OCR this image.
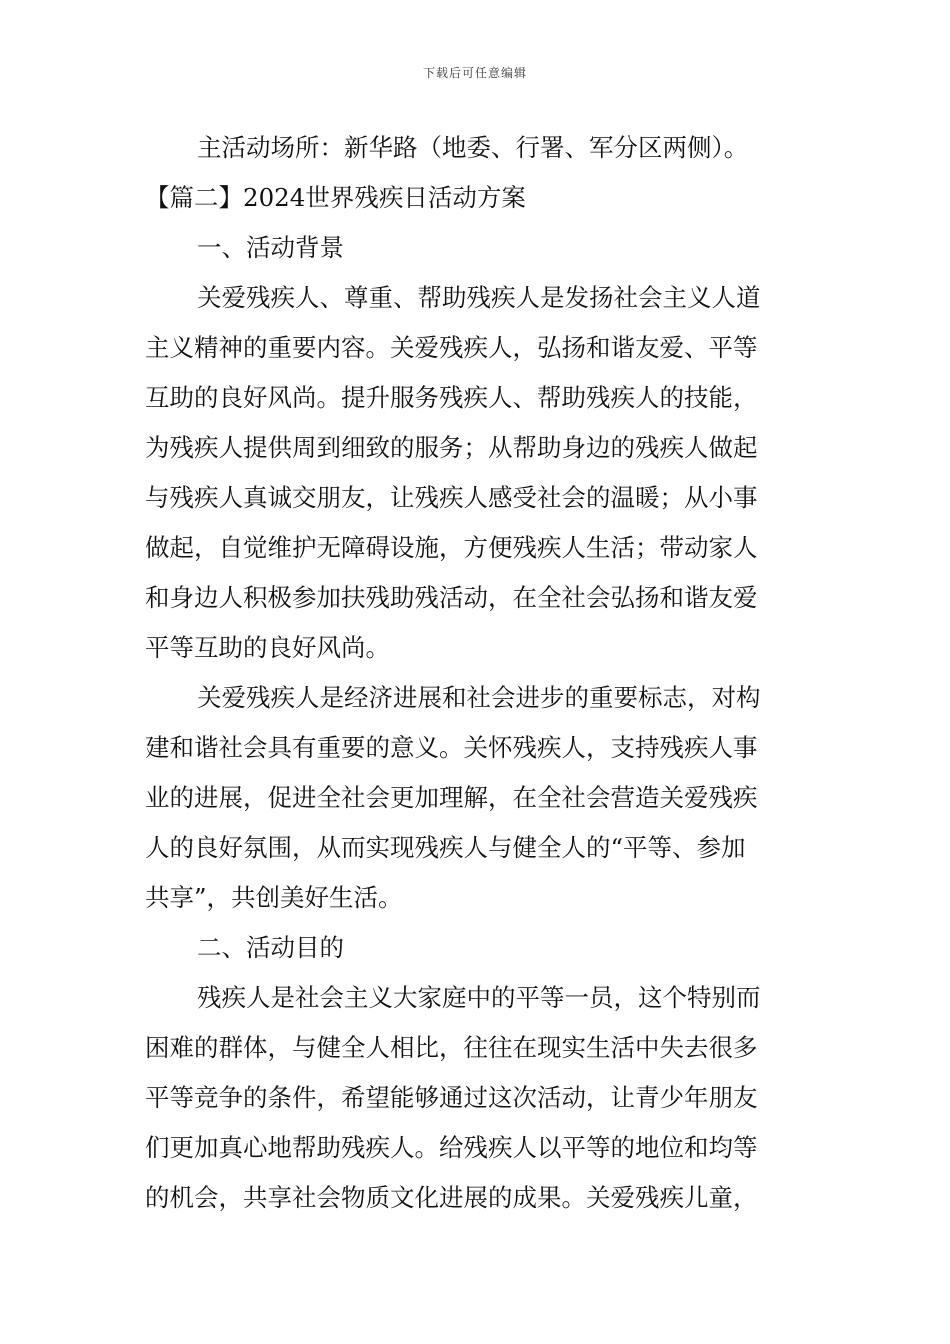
下载后可任意编辑
主活动场所：新华路（地委、行署、军分区两侧）。
【篇二】2024世界残疾日活动方案
一、活动背景
关爱残疾人、尊重、帮助残疾人是发扬社会主义人道
主义精神的重要内容。关爱残疾人，弘扬和谐友爱、平等
互助的良好风尚。提升服务残疾人、帮助残疾人的技能，
为残疾人提供周到细致的服务；从帮助身边的残疾人做起
与残疾人真诚交朋友，让残疾人感受社会的温暖；从小事
做起，自觉维护无障碍设施，方便残疾人生活；带动家人
和身边人积极参加扶残助残活动，在全社会弘扬和谐友爱
平等互助的良好风尚。
关爱残疾人是经济进展和社会进步的重要标志，对构
建和谐社会具有重要的意义。关怀残疾人，支持残疾人事
业的进展，促进全社会更加理解，在全社会营造关爱残疾
人的良好氛围，从而实现残疾人与健全人的“平等、参加
共享”，共创美好生活。
二、活动目的
残疾人是社会主义大家庭中的平等一员，这个特别而
困难的群体，与健全人相比，往往在现实生活中失去很多
平等竞争的条件，希望能够通过这次活动，让青少年朋友
们更加真心地帮助残疾人。给残疾人以平等的地位和均等
的机会，共享社会物质文化进展的成果。关爱残疾儿童，
